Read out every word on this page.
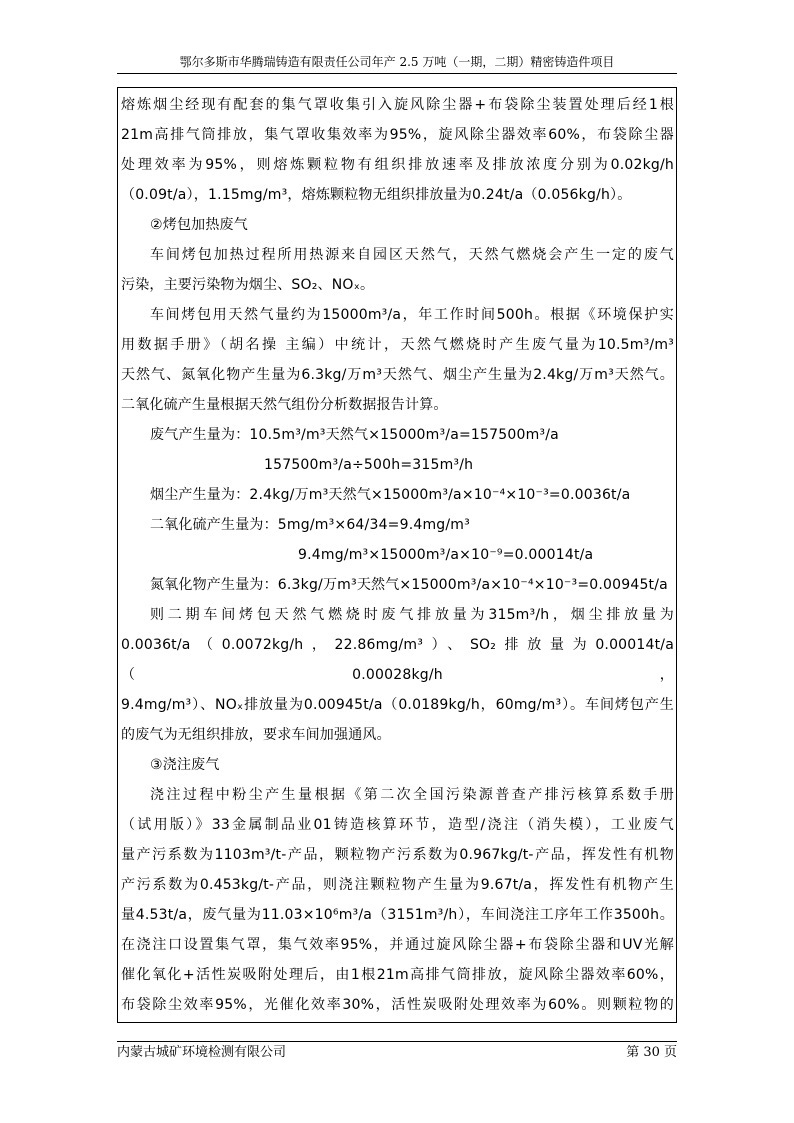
鄂尔多斯市华腾瑞铸造有限责任公司年产 2.5 万吨（一期，二期）精密铸造件项目

熔炼烟尘经现有配套的集气罩收集引入旋风除尘器+布袋除尘装置处理后经1根

21m高排气筒排放，集气罩收集效率为95%，旋风除尘器效率60%，布袋除尘器

处理效率为95%，则熔炼颗粒物有组织排放速率及排放浓度分别为0.02kg/h

（0.09t/a），1.15mg/m³，熔炼颗粒物无组织排放量为0.24t/a（0.056kg/h）。

②烤包加热废气

车间烤包加热过程所用热源来自园区天然气，天然气燃烧会产生一定的废气

污染，主要污染物为烟尘、SO₂、NOₓ。

车间烤包用天然气量约为15000m³/a，年工作时间500h。根据《环境保护实

用数据手册》（胡名操 主编）中统计，天然气燃烧时产生废气量为10.5m³/m³

天然气、氮氧化物产生量为6.3kg/万m³天然气、烟尘产生量为2.4kg/万m³天然气。

二氧化硫产生量根据天然气组份分析数据报告计算。

废气产生量为：10.5m³/m³天然气×15000m³/a=157500m³/a

157500m³/a÷500h=315m³/h

烟尘产生量为：2.4kg/万m³天然气×15000m³/a×10⁻⁴×10⁻³=0.0036t/a

二氧化硫产生量为：5mg/m³×64/34=9.4mg/m³

9.4mg/m³×15000m³/a×10⁻⁹=0.00014t/a

氮氧化物产生量为：6.3kg/万m³天然气×15000m³/a×10⁻⁴×10⁻³=0.00945t/a

则二期车间烤包天然气燃烧时废气排放量为315m³/h，烟尘排放量为

0.0036t/a（0.0072kg/h，22.86mg/m³）、SO₂排放量为0.00014t/a（0.00028kg/h，

9.4mg/m³）、NOₓ排放量为0.00945t/a（0.0189kg/h，60mg/m³）。车间烤包产生

的废气为无组织排放，要求车间加强通风。

③浇注废气

浇注过程中粉尘产生量根据《第二次全国污染源普查产排污核算系数手册

（试用版）》33金属制品业01铸造核算环节，造型/浇注（消失模），工业废气

量产污系数为1103m³/t-产品，颗粒物产污系数为0.967kg/t-产品，挥发性有机物

产污系数为0.453kg/t-产品，则浇注颗粒物产生量为9.67t/a，挥发性有机物产生

量4.53t/a，废气量为11.03×10⁶m³/a（3151m³/h），车间浇注工序年工作3500h。

在浇注口设置集气罩，集气效率95%，并通过旋风除尘器+布袋除尘器和UV光解

催化氧化+活性炭吸附处理后，由1根21m高排气筒排放，旋风除尘器效率60%，

布袋除尘效率95%，光催化效率30%，活性炭吸附处理效率为60%。则颗粒物的

内蒙古城矿环境检测有限公司	第 30 页
